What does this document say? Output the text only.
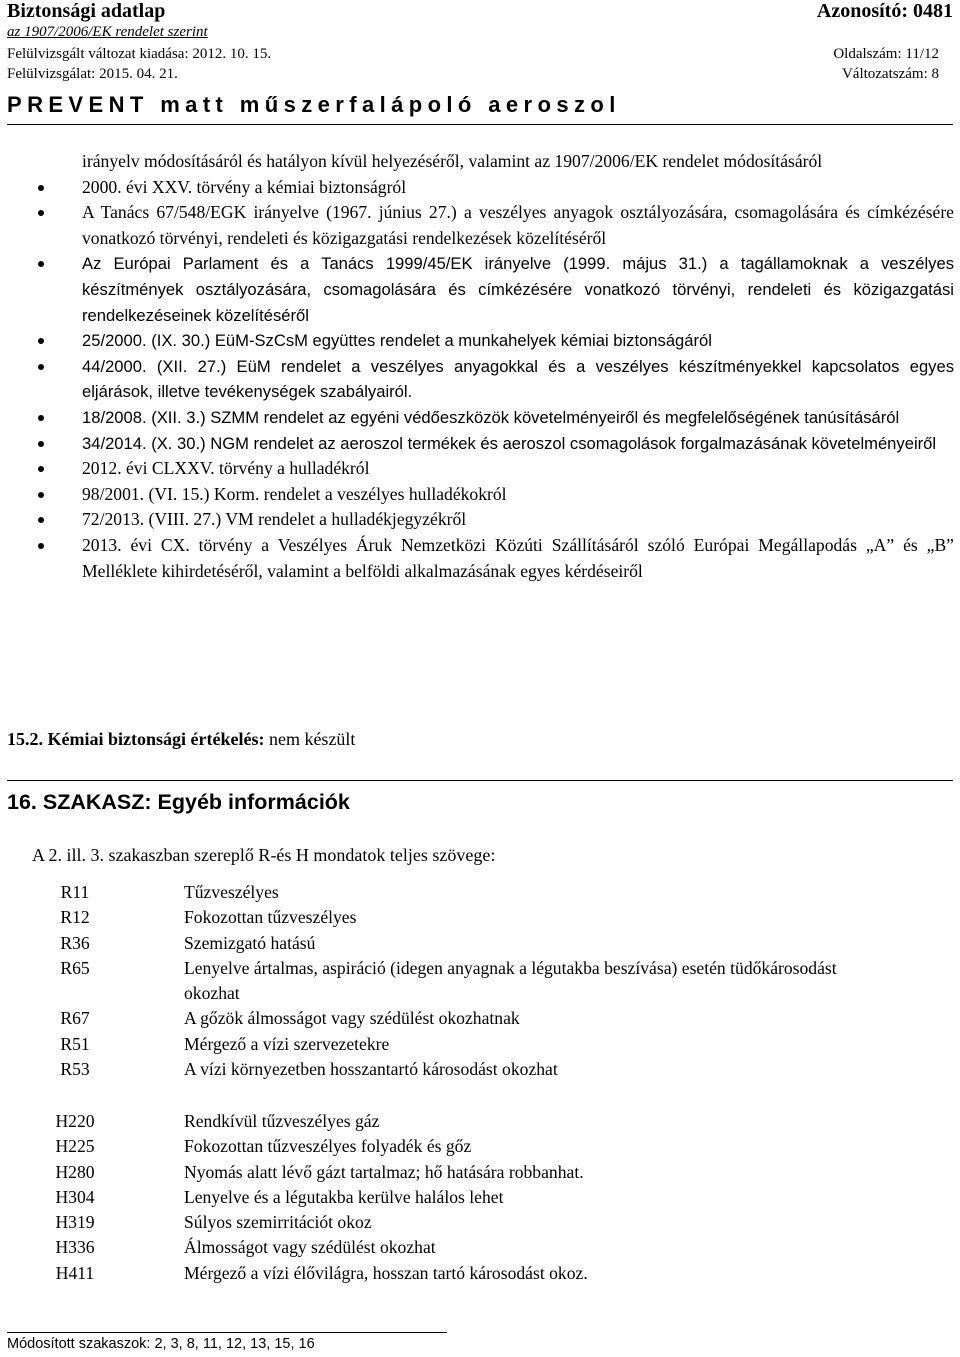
Biztonsági adatlap	Azonosító: 0481
az 1907/2006/EK rendelet szerint
Felülvizsgált változat kiadása: 2012. 10. 15.	Oldalszám: 11/12
Felülvizsgálat: 2015. 04. 21.	Változatszám: 8
PREVENT matt műszerfalápoló aeroszol

irányelv módosításáról és hatályon kívül helyezéséről, valamint az 1907/2006/EK rendelet módosításáról

2000. évi XXV. törvény a kémiai biztonságról
A Tanács 67/548/EGK irányelve (1967. június 27.) a veszélyes anyagok osztályozására, csomagolására és címkézésére vonatkozó törvényi, rendeleti és közigazgatási rendelkezések közelítéséről
Az Európai Parlament és a Tanács 1999/45/EK irányelve (1999. május 31.) a tagállamoknak a veszélyes készítmények osztályozására, csomagolására és címkézésére vonatkozó törvényi, rendeleti és közigazgatási rendelkezéseinek közelítéséről
25/2000. (IX. 30.) EüM-SzCsM együttes rendelet a munkahelyek kémiai biztonságáról
44/2000. (XII. 27.) EüM rendelet a veszélyes anyagokkal és a veszélyes készítményekkel kapcsolatos egyes eljárások, illetve tevékenységek szabályairól.
18/2008. (XII. 3.) SZMM rendelet az egyéni védőeszközök követelményeiről és megfelelőségének tanúsításáról
34/2014. (X. 30.) NGM rendelet az aeroszol termékek és aeroszol csomagolások forgalmazásának követelményeiről
2012. évi CLXXV. törvény a hulladékról
98/2001. (VI. 15.) Korm. rendelet a veszélyes hulladékokról
72/2013. (VIII. 27.) VM rendelet a hulladékjegyzékről
2013. évi CX. törvény a Veszélyes Áruk Nemzetközi Közúti Szállításáról szóló Európai Megállapodás „A” és „B” Melléklete kihirdetéséről, valamint a belföldi alkalmazásának egyes kérdéseiről
15.2. Kémiai biztonsági értékelés: nem készült
16. SZAKASZ: Egyéb információk
A 2. ill. 3. szakaszban szereplő R-és H mondatok teljes szövege:
R11	Tűzveszélyes
R12	Fokozottan tűzveszélyes
R36	Szemizgató hatású
R65	Lenyelve ártalmas, aspiráció (idegen anyagnak a légutakba beszívása) esetén tüdőkárosodást okozhat
R67	A gőzök álmosságot vagy szédülést okozhatnak
R51	Mérgező a vízi szervezetekre
R53	A vízi környezetben hosszantartó károsodást okozhat
H220	Rendkívül tűzveszélyes gáz
H225	Fokozottan tűzveszélyes folyadék és gőz
H280	Nyomás alatt lévő gázt tartalmaz; hő hatására robbanhat.
H304	Lenyelve és a légutakba kerülve halálos lehet
H319	Súlyos szemirritációt okoz
H336	Álmosságot vagy szédülést okozhat
H411	Mérgező a vízi élővilágra, hosszan tartó károsodást okoz.
Módosított szakaszok: 2, 3, 8, 11, 12, 13, 15, 16
